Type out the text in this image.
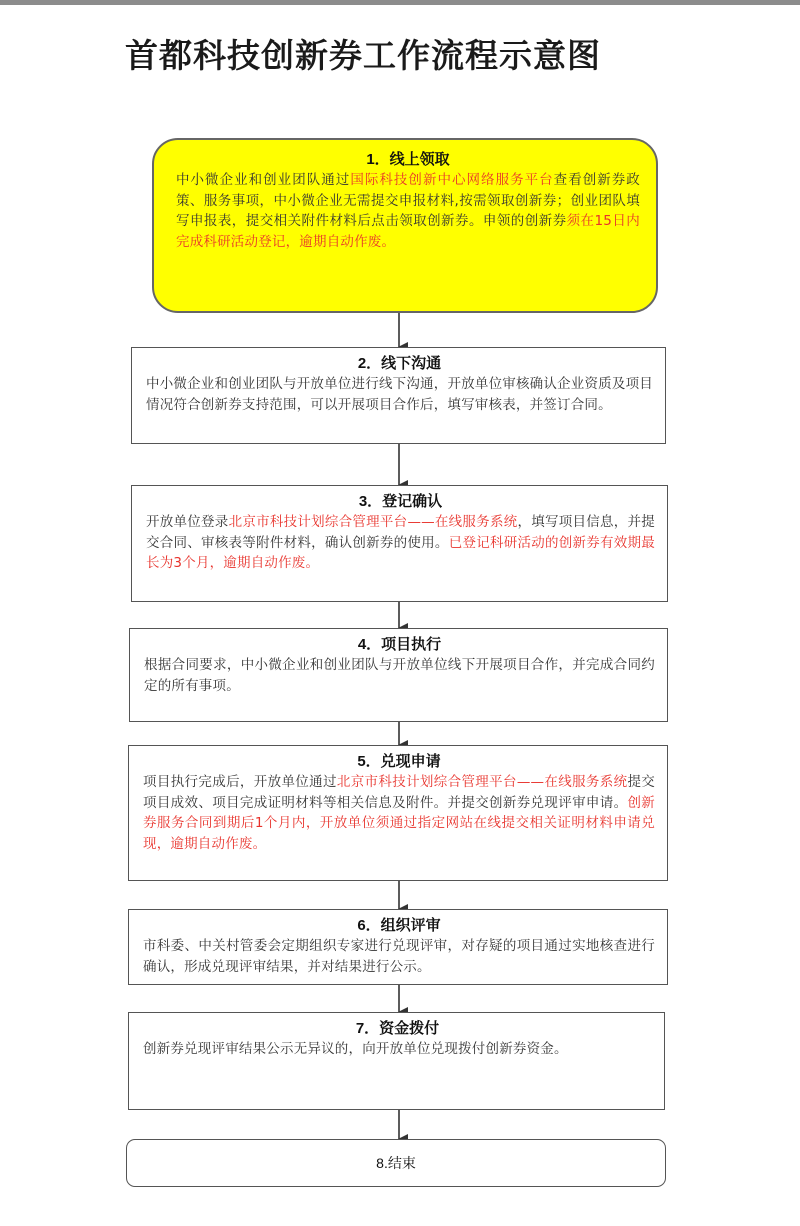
首都科技创新券工作流程示意图
1．线上领取
中小微企业和创业团队通过国际科技创新中心网络服务平台查看创新券政策、服务事项，中小微企业无需提交申报材料,按需领取创新券；创业团队填写申报表，提交相关附件材料后点击领取创新券。申领的创新券须在15日内完成科研活动登记，逾期自动作废。
2．线下沟通
中小微企业和创业团队与开放单位进行线下沟通，开放单位审核确认企业资质及项目情况符合创新券支持范围，可以开展项目合作后，填写审核表，并签订合同。
3．登记确认
开放单位登录北京市科技计划综合管理平台——在线服务系统，填写项目信息，并提交合同、审核表等附件材料，确认创新券的使用。已登记科研活动的创新券有效期最长为3个月，逾期自动作废。
4．项目执行
根据合同要求，中小微企业和创业团队与开放单位线下开展项目合作，并完成合同约定的所有事项。
5．兑现申请
项目执行完成后，开放单位通过北京市科技计划综合管理平台——在线服务系统提交项目成效、项目完成证明材料等相关信息及附件。并提交创新券兑现评审申请。创新券服务合同到期后1个月内，开放单位须通过指定网站在线提交相关证明材料申请兑现，逾期自动作废。
6．组织评审
市科委、中关村管委会定期组织专家进行兑现评审，对存疑的项目通过实地核查进行确认，形成兑现评审结果，并对结果进行公示。
7．资金拨付
创新券兑现评审结果公示无异议的，向开放单位兑现拨付创新券资金。
8.结束
